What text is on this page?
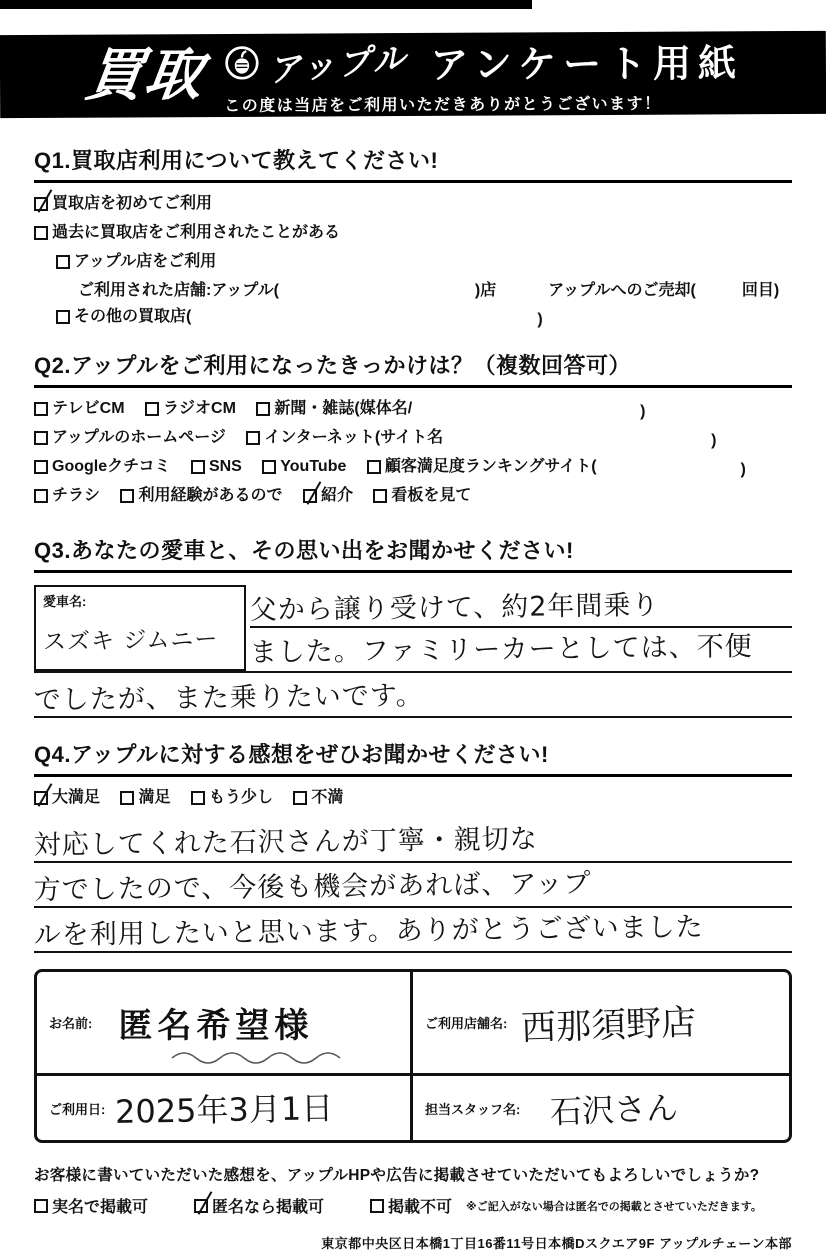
買取 アップル アンケート用紙
この度は当店をご利用いただきありがとうございます！
Q1.買取店利用について教えてください!
買取店を初めてご利用
過去に買取店をご利用されたことがある
アップル店をご利用
ご利用された店舗:アップル(	)店	アップルへのご売却(	回目)
その他の買取店(	)
Q2.アップルをご利用になったきっかけは？（複数回答可）
テレビCM
ラジオCM
新聞・雑誌(媒体名/	)
アップルのホームページ
インターネット(サイト名	)
Googleクチコミ
SNS
YouTube
顧客満足度ランキングサイト(	)
チラシ
利用経験があるので
紹介
看板を見て
Q3.あなたの愛車と、その思い出をお聞かせください!
愛車名:
スズキ ジムニー
父から譲り受けて、約2年間乗り
ました。ファミリーカーとしては、不便
でしたが、また乗りたいです。
Q4.アップルに対する感想をぜひお聞かせください!
大満足
満足
もう少し
不満
対応してくれた石沢さんが丁寧・親切な
方でしたので、今後も機会があれば、アップ
ルを利用したいと思います。ありがとうございました
お名前: 匿名希望様	ご利用店舗名: 西那須野店
ご利用日: 2025年3月1日	担当スタッフ名: 石沢さん
お客様に書いていただいた感想を、アップルHPや広告に掲載させていただいてもよろしいでしょうか?
実名で掲載可	匿名なら掲載可	掲載不可 ※ご記入がない場合は匿名での掲載とさせていただきます。
東京都中央区日本橋1丁目16番11号日本橋Dスクエア9F アップルチェーン本部
